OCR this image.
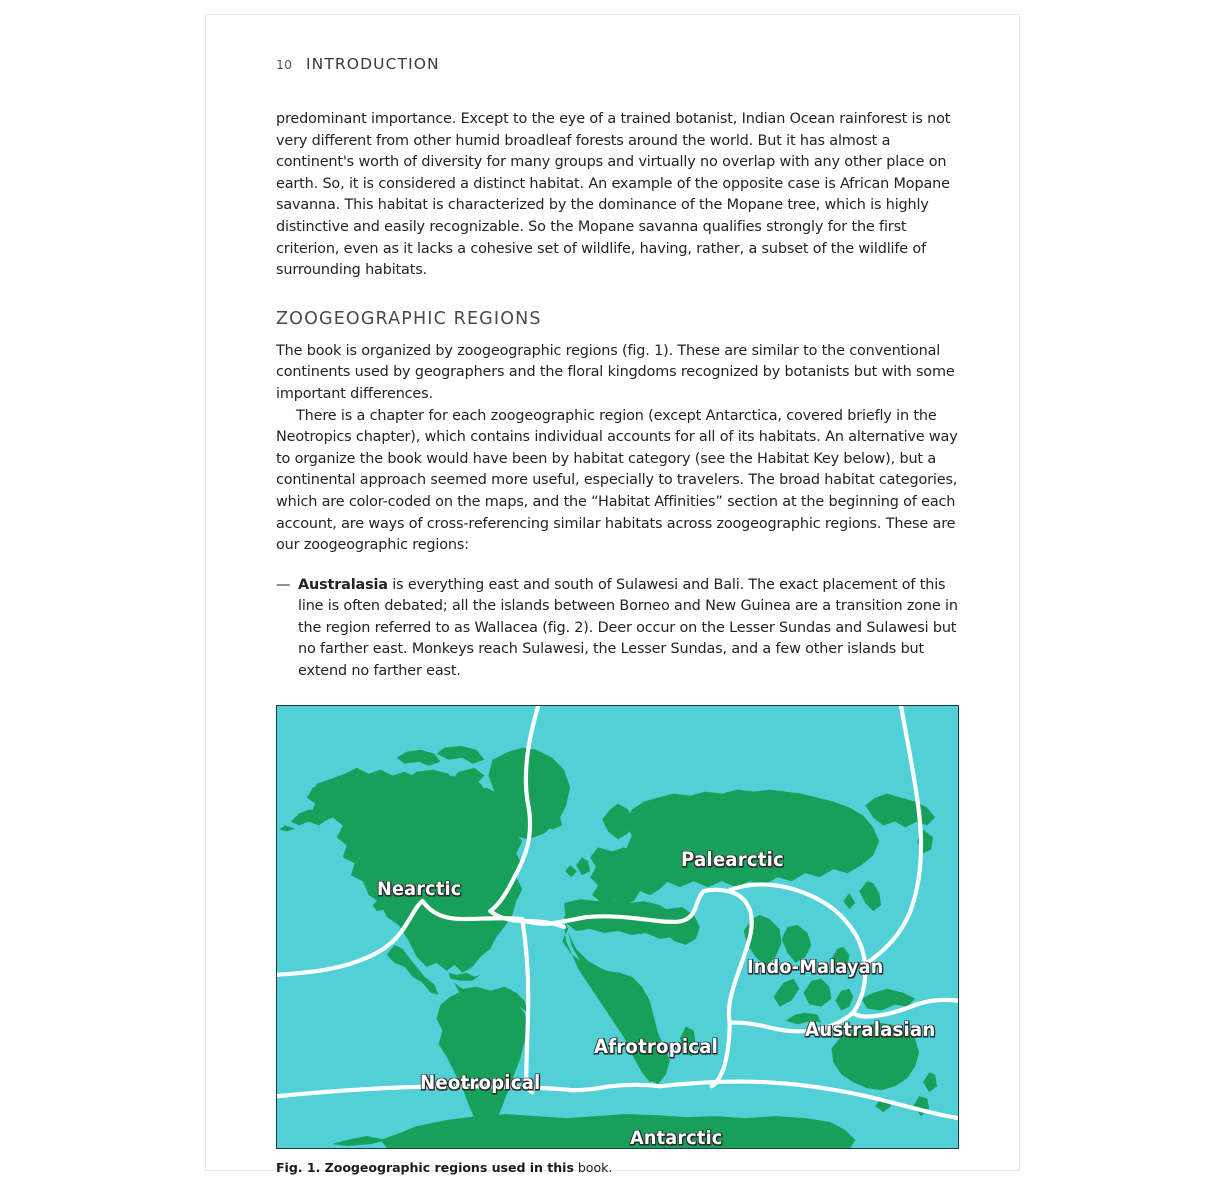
10 INTRODUCTION

predominant importance. Except to the eye of a trained botanist, Indian Ocean rainforest is not very different from other humid broadleaf forests around the world. But it has almost a continent's worth of diversity for many groups and virtually no overlap with any other place on earth. So, it is considered a distinct habitat. An example of the opposite case is African Mopane savanna. This habitat is characterized by the dominance of the Mopane tree, which is highly distinctive and easily recognizable. So the Mopane savanna qualifies strongly for the first criterion, even as it lacks a cohesive set of wildlife, having, rather, a subset of the wildlife of surrounding habitats.

ZOOGEOGRAPHIC REGIONS

The book is organized by zoogeographic regions (fig. 1). These are similar to the conventional continents used by geographers and the floral kingdoms recognized by botanists but with some important differences.

There is a chapter for each zoogeographic region (except Antarctica, covered briefly in the Neotropics chapter), which contains individual accounts for all of its habitats. An alternative way to organize the book would have been by habitat category (see the Habitat Key below), but a continental approach seemed more useful, especially to travelers. The broad habitat categories, which are color-coded on the maps, and the “Habitat Affinities” section at the beginning of each account, are ways of cross-referencing similar habitats across zoogeographic regions. These are our zoogeographic regions:

— Australasia is everything east and south of Sulawesi and Bali. The exact placement of this line is often debated; all the islands between Borneo and New Guinea are a transition zone in the region referred to as Wallacea (fig. 2). Deer occur on the Lesser Sundas and Sulawesi but no farther east. Monkeys reach Sulawesi, the Lesser Sundas, and a few other islands but extend no farther east.
Nearctic
Palearctic
Indo-Malayan
Afrotropical
Neotropical
Australasian
Antarctic
Fig. 1. Zoogeographic regions used in this book.
